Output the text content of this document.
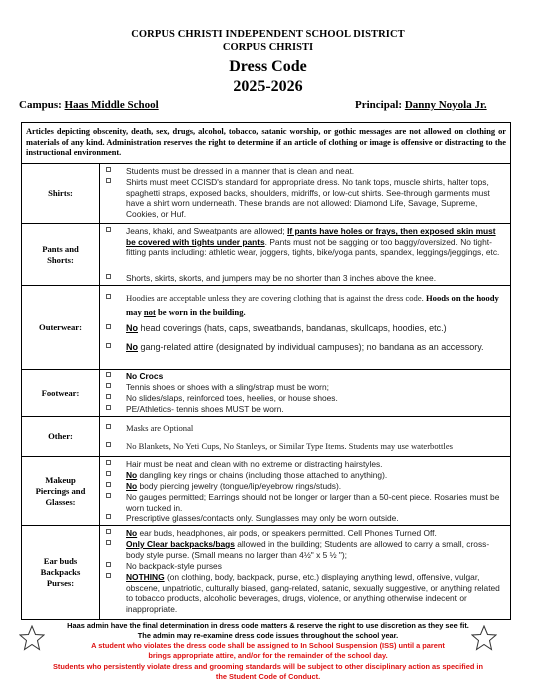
CORPUS CHRISTI INDEPENDENT SCHOOL DISTRICT
CORPUS CHRISTI
Dress Code
2025-2026
Campus: Haas Middle School	Principal: Danny Noyola Jr.
Articles depicting obscenity, death, sex, drugs, alcohol, tobacco, satanic worship, or gothic messages are not allowed on clothing or materials of any kind. Administration reserves the right to determine if an article of clothing or image is offensive or distracting to the instructional environment.
Shirts:
Students must be dressed in a manner that is clean and neat.
Shirts must meet CCISD's standard for appropriate dress. No tank tops, muscle shirts, halter tops, spaghetti straps, exposed backs, shoulders, midriffs, or low-cut shirts. See-through garments must have a shirt worn underneath. These brands are not allowed: Diamond Life, Savage, Supreme, Cookies, or Huf.
Pants and
Shorts:
Jeans, khaki, and Sweatpants are allowed; If pants have holes or frays, then exposed skin must be covered with tights under pants. Pants must not be sagging or too baggy/oversized. No tight-fitting pants including: athletic wear, joggers, tights, bike/yoga pants, spandex, leggings/jeggings, etc.
Shorts, skirts, skorts, and jumpers may be no shorter than 3 inches above the knee.
Outerwear:
Hoodies are acceptable unless they are covering clothing that is against the dress code. Hoods on the hoody may not be worn in the building.
No head coverings (hats, caps, sweatbands, bandanas, skullcaps, hoodies, etc.)
No gang-related attire (designated by individual campuses); no bandana as an accessory.
Footwear:
No Crocs
Tennis shoes or shoes with a sling/strap must be worn;
No slides/slaps, reinforced toes, heelies, or house shoes.
PE/Athletics- tennis shoes MUST be worn.
Other:
Masks are Optional
No Blankets, No Yeti Cups, No Stanleys, or Similar Type Items. Students may use waterbottles
Makeup
Piercings and
Glasses:
Hair must be neat and clean with no extreme or distracting hairstyles.
No dangling key rings or chains (including those attached to anything).
No body piercing jewelry (tongue/lip/eyebrow rings/studs).
No gauges permitted; Earrings should not be longer or larger than a 50-cent piece. Rosaries must be worn tucked in.
Prescriptive glasses/contacts only. Sunglasses may only be worn outside.
Ear buds
Backpacks
Purses:
No ear buds, headphones, air pods, or speakers permitted. Cell Phones Turned Off.
Only Clear backpacks/bags allowed in the building; Students are allowed to carry a small, cross-body style purse. (Small means no larger than 4½" x 5 ½ ");
No backpack-style purses
NOTHING (on clothing, body, backpack, purse, etc.) displaying anything lewd, offensive, vulgar, obscene, unpatriotic, culturally biased, gang-related, satanic, sexually suggestive, or anything related to tobacco products, alcoholic beverages, drugs, violence, or anything otherwise indecent or inappropriate.
Haas admin have the final determination in dress code matters & reserve the right to use discretion as they see fit.
The admin may re-examine dress code issues throughout the school year.
A student who violates the dress code shall be assigned to In School Suspension (ISS) until a parent
brings appropriate attire, and/or for the remainder of the school day.
Students who persistently violate dress and grooming standards will be subject to other disciplinary action as specified in
the Student Code of Conduct.
